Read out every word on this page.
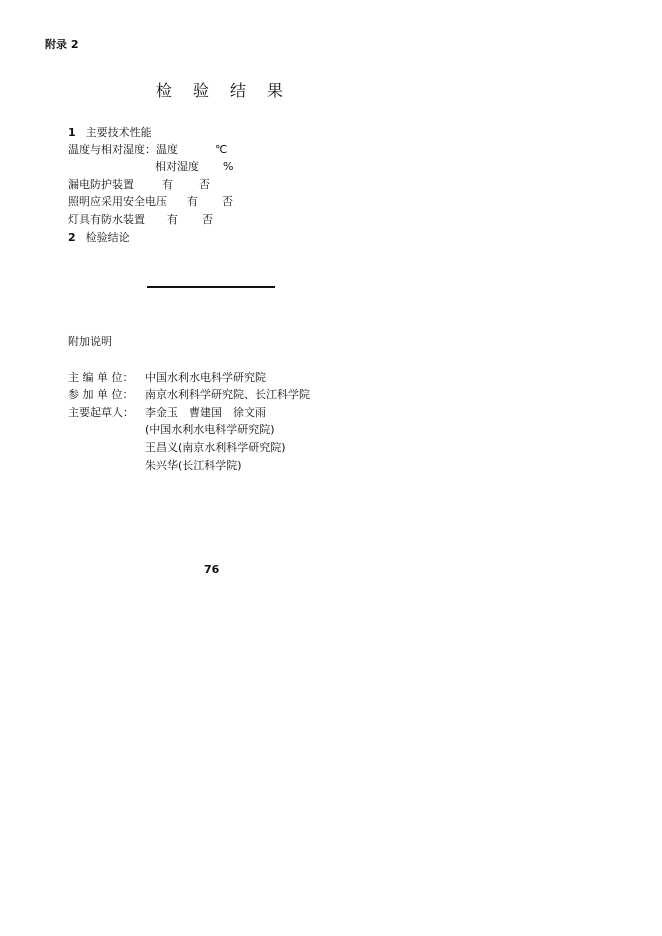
附录 2
检验结果
1 主要技术性能
温度与相对湿度：温度	℃
相对湿度 %
漏电防护装置	有 否
照明应采用安全电压 有 否
灯具有防水装置 有 否
2 检验结论
附加说明
主 编 单 位： 中国水利水电科学研究院
参 加 单 位： 南京水利科学研究院、长江科学院
主要起草人： 李金玉　曹建国　徐文雨
(中国水利水电科学研究院)
王昌义(南京水利科学研究院)
朱兴华(长江科学院)
76
